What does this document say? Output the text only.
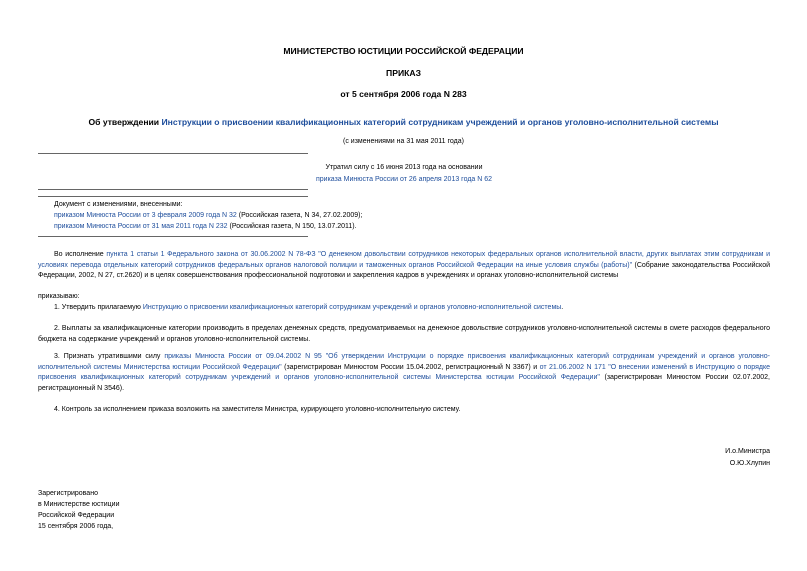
МИНИСТЕРСТВО ЮСТИЦИИ РОССИЙСКОЙ ФЕДЕРАЦИИ
ПРИКАЗ
от 5 сентября 2006 года N 283
Об утверждении Инструкции о присвоении квалификационных категорий сотрудникам учреждений и органов уголовно-исполнительной системы
(с изменениями на 31 мая 2011 года)
Утратил силу с 16 июня 2013 года на основании
приказа Минюста России от 26 апреля 2013 года N 62
Документ с изменениями, внесенными:
приказом Минюста России от 3 февраля 2009 года N 32 (Российская газета, N 34, 27.02.2009);
приказом Минюста России от 31 мая 2011 года N 232 (Российская газета, N 150, 13.07.2011).

Во исполнение пункта 1 статьи 1 Федерального закона от 30.06.2002 N 78-ФЗ "О денежном довольствии сотрудников некоторых федеральных органов исполнительной власти, других выплатах этим сотрудникам и условиях перевода отдельных категорий сотрудников федеральных органов налоговой полиции и таможенных органов Российской Федерации на иные условия службы (работы)" (Собрание законодательства Российской Федерации, 2002, N 27, ст.2620) и в целях совершенствования профессиональной подготовки и закрепления кадров в учреждениях и органах уголовно-исполнительной системы

приказываю:

1. Утвердить прилагаемую Инструкцию о присвоении квалификационных категорий сотрудникам учреждений и органов уголовно-исполнительной системы.

2. Выплаты за квалификационные категории производить в пределах денежных средств, предусматриваемых на денежное довольствие сотрудников уголовно-исполнительной системы в смете расходов федерального бюджета на содержание учреждений и органов уголовно-исполнительной системы.

3. Признать утратившими силу приказы Минюста России от 09.04.2002 N 95 "Об утверждении Инструкции о порядке присвоения квалификационных категорий сотрудникам учреждений и органов уголовно-исполнительной системы Министерства юстиции Российской Федерации" (зарегистрирован Минюстом России 15.04.2002, регистрационный N 3367) и от 21.06.2002 N 171 "О внесении изменений в Инструкцию о порядке присвоения квалификационных категорий сотрудникам учреждений и органов уголовно-исполнительной системы Министерства юстиции Российской Федерации" (зарегистрирован Минюстом России 02.07.2002, регистрационный N 3546).

4. Контроль за исполнением приказа возложить на заместителя Министра, курирующего уголовно-исполнительную систему.

И.о.Министра
О.Ю.Хлупин
Зарегистрировано
в Министерстве юстиции
Российской Федерации
15 сентября 2006 года,
